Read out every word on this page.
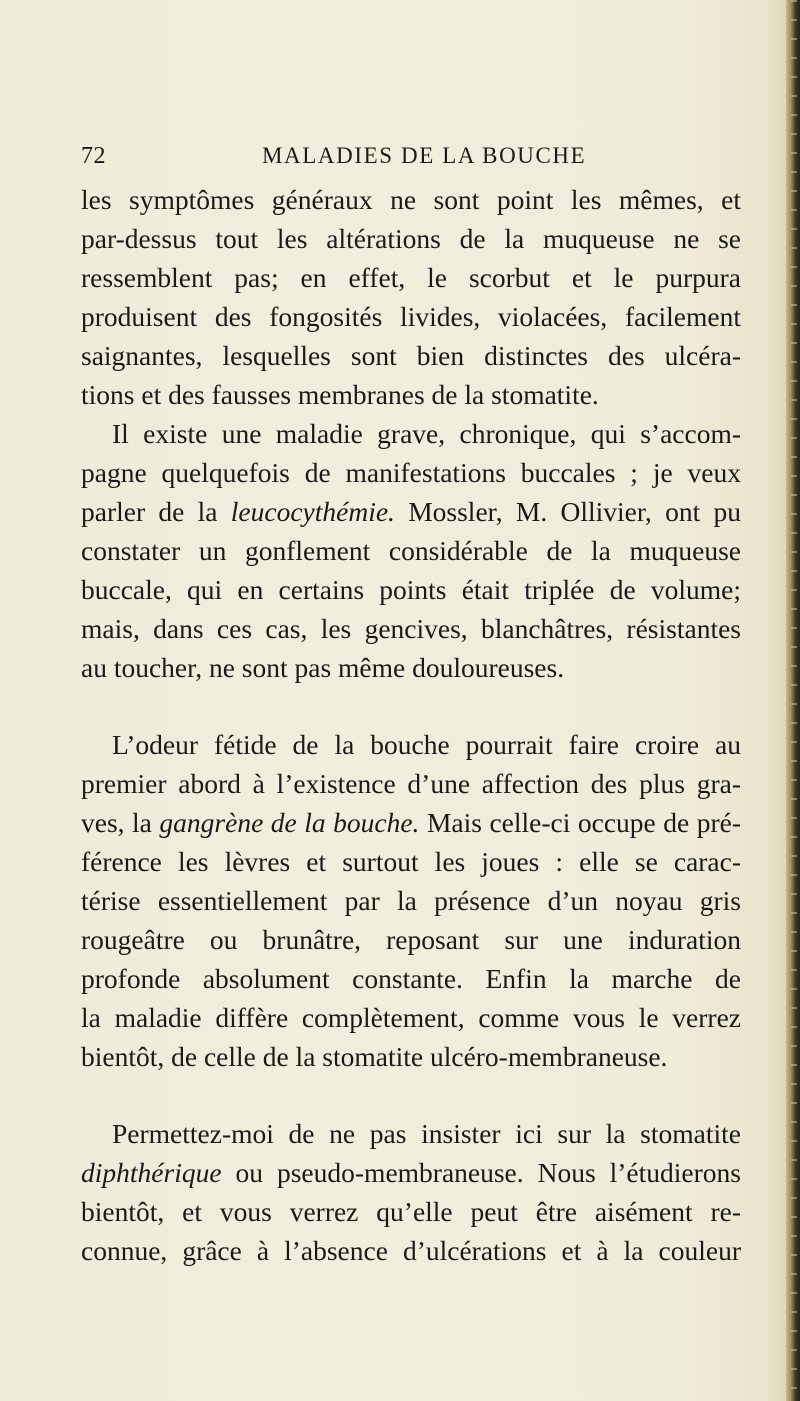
72	MALADIES DE LA BOUCHE
les symptômes généraux ne sont point les mêmes, et
par-dessus tout les altérations de la muqueuse ne se
ressemblent pas; en effet, le scorbut et le purpura
produisent des fongosités livides, violacées, facilement
saignantes, lesquelles sont bien distinctes des ulcéra-
tions et des fausses membranes de la stomatite.
Il existe une maladie grave, chronique, qui s’accom-
pagne quelquefois de manifestations buccales ; je veux
parler de la leucocythémie. Mossler, M. Ollivier, ont pu
constater un gonflement considérable de la muqueuse
buccale, qui en certains points était triplée de volume;
mais, dans ces cas, les gencives, blanchâtres, résistantes
au toucher, ne sont pas même douloureuses.
L’odeur fétide de la bouche pourrait faire croire au
premier abord à l’existence d’une affection des plus gra-
ves, la gangrène de la bouche. Mais celle-ci occupe de pré-
férence les lèvres et surtout les joues : elle se carac-
térise essentiellement par la présence d’un noyau gris
rougeâtre ou brunâtre, reposant sur une induration
profonde absolument constante. Enfin la marche de
la maladie diffère complètement, comme vous le verrez
bientôt, de celle de la stomatite ulcéro-membraneuse.
Permettez-moi de ne pas insister ici sur la stomatite
diphthérique ou pseudo-membraneuse. Nous l’étudierons
bientôt, et vous verrez qu’elle peut être aisément re-
connue, grâce à l’absence d’ulcérations et à la couleur
